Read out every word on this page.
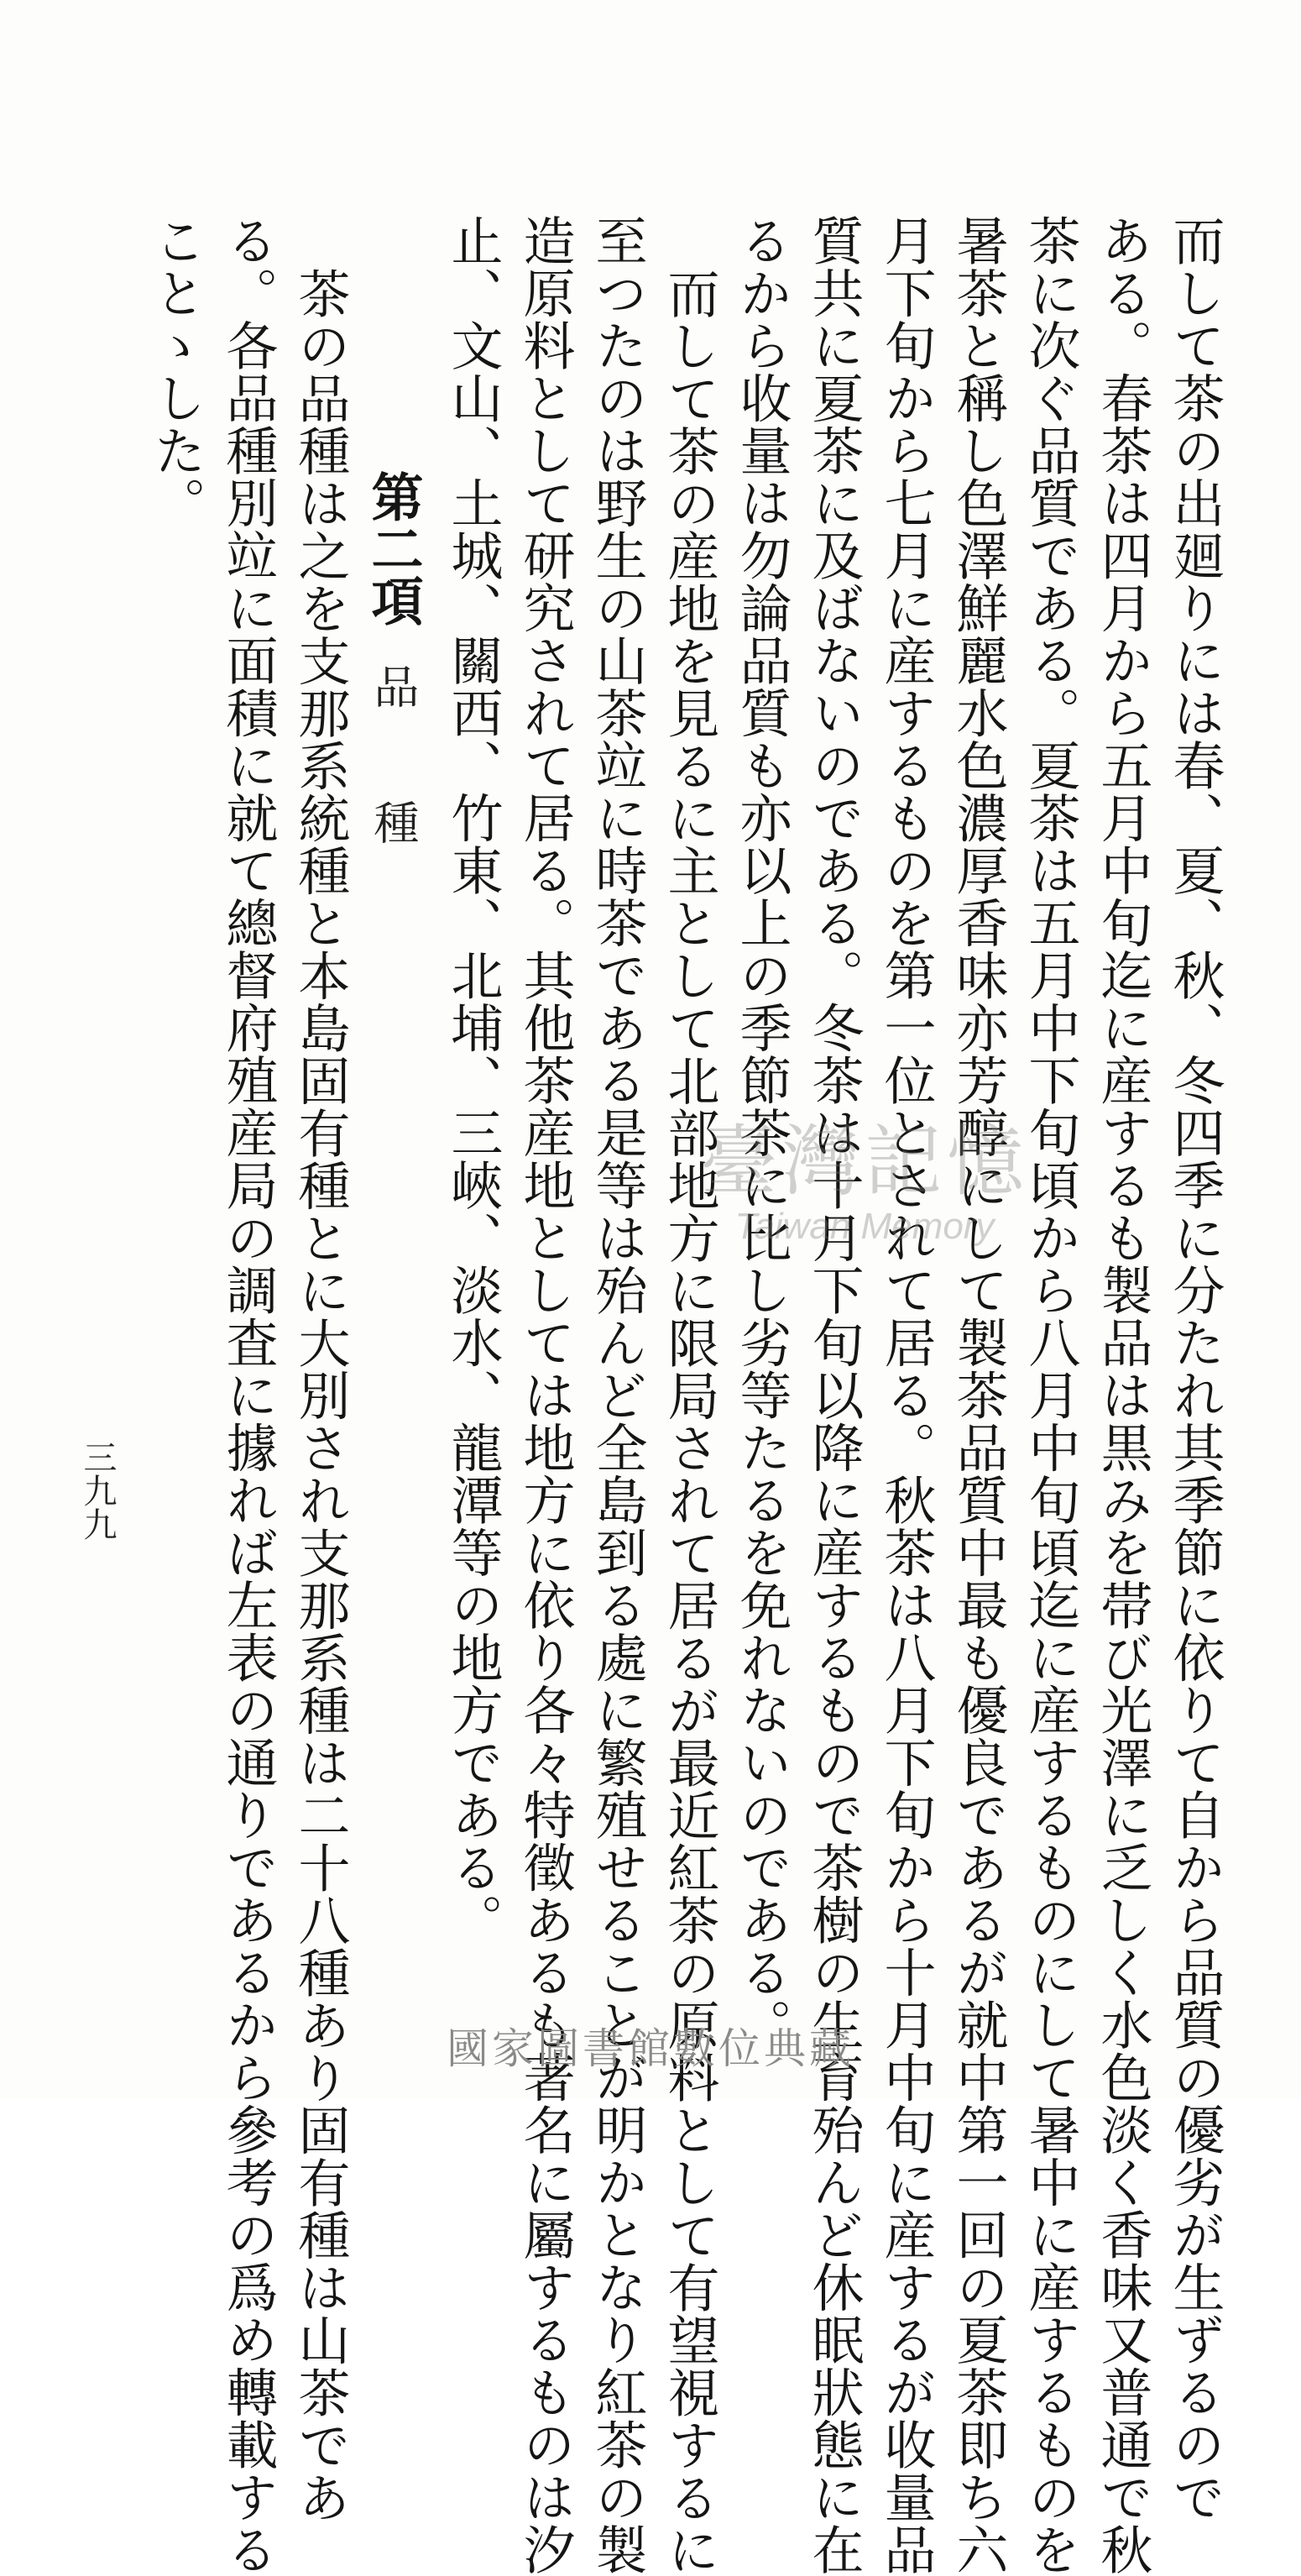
而して茶の出廻りには春、夏、秋、冬四季に分たれ其季節に依りて自から品質の優劣が生ずるので
ある。春茶は四月から五月中旬迄に産するも製品は黒みを帯び光澤に乏しく水色淡く香味又普通で秋
茶に次ぐ品質である。夏茶は五月中下旬頃から八月中旬頃迄に産するものにして暑中に産するものを
暑茶と稱し色澤鮮麗水色濃厚香味亦芳醇にして製茶品質中最も優良であるが就中第一回の夏茶即ち六
月下旬から七月に産するものを第一位とされて居る。秋茶は八月下旬から十月中旬に産するが收量品
質共に夏茶に及ばないのである。冬茶は十月下旬以降に産するもので茶樹の生育殆んど休眠狀態に在
るから收量は勿論品質も亦以上の季節茶に比し劣等たるを免れないのである。
而して茶の産地を見るに主として北部地方に限局されて居るが最近紅茶の原料として有望視するに
至つたのは野生の山茶竝に時茶である是等は殆んど全島到る處に繁殖せることが明かとなり紅茶の製
造原料として研究されて居る。其他茶産地としては地方に依り各々特徵あるも著名に屬するものは汐
止、文山、土城、關西、竹東、北埔、三峽、淡水、龍潭等の地方である。
第二項
品　　種
茶の品種は之を支那系統種と本島固有種とに大別され支那系種は二十八種あり固有種は山茶であ
る。各品種別竝に面積に就て總督府殖産局の調査に據れば左表の通りであるから參考の爲め轉載する
ことゝした。
三九九
臺灣記憶
Taiwan Memory
國家圖書館數位典藏
